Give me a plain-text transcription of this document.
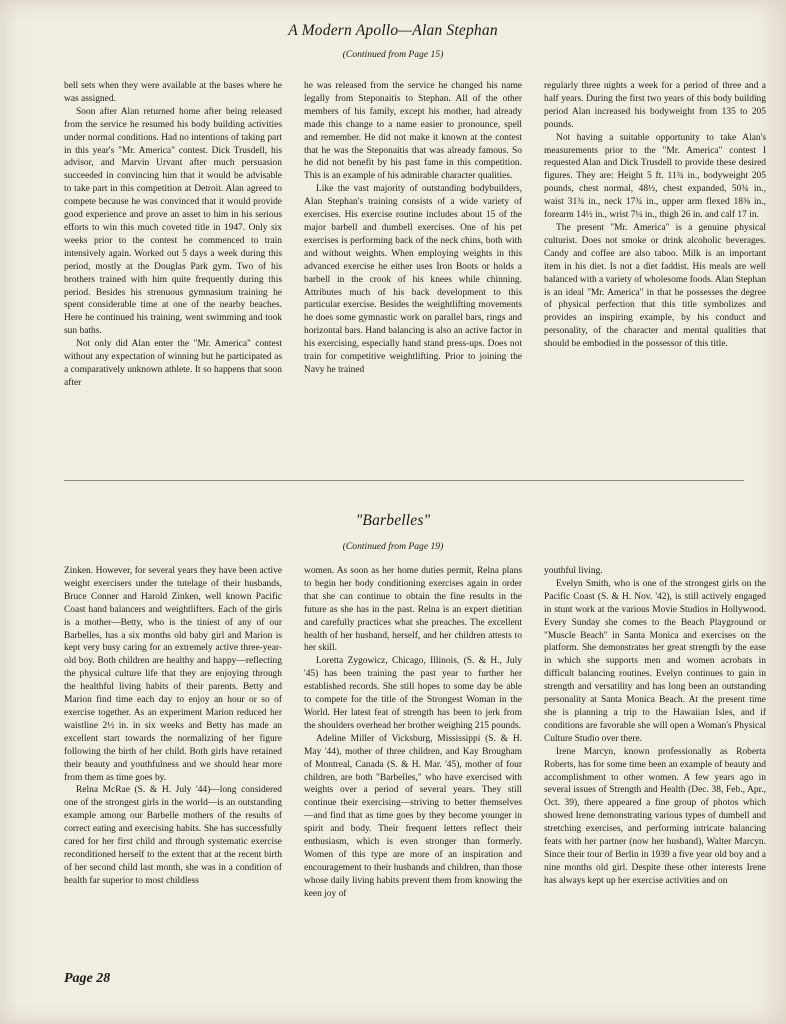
A Modern Apollo—Alan Stephan
(Continued from Page 15)

bell sets when they were available at the bases where he was assigned.

Soon after Alan returned home after being released from the service he resumed his body building activities under normal conditions. Had no intentions of taking part in this year's "Mr. America" contest. Dick Trusdell, his advisor, and Marvin Urvant after much persuasion succeeded in convincing him that it would be advisable to take part in this competition at Detroit. Alan agreed to compete because he was convinced that it would provide good experience and prove an asset to him in his serious efforts to win this much coveted title in 1947. Only six weeks prior to the contest he commenced to train intensively again. Worked out 5 days a week during this period, mostly at the Douglas Park gym. Two of his brothers trained with him quite frequently during this period. Besides his strenuous gymnasium training he spent considerable time at one of the nearby beaches. Here he continued his training, went swimming and took sun baths.

Not only did Alan enter the "Mr. America" contest without any expectation of winning but he participated as a comparatively unknown athlete. It so happens that soon after

he was released from the service he changed his name legally from Steponaitis to Stephan. All of the other members of his family, except his mother, had already made this change to a name easier to pronounce, spell and remember. He did not make it known at the contest that he was the Steponaitis that was already famous. So he did not benefit by his past fame in this competition. This is an example of his admirable character qualities.

Like the vast majority of outstanding bodybuilders, Alan Stephan's training consists of a wide variety of exercises. His exercise routine includes about 15 of the major barbell and dumbell exercises. One of his pet exercises is performing back of the neck chins, both with and without weights. When employing weights in this advanced exercise he either uses Iron Boots or holds a barbell in the crook of his knees while chinning. Attributes much of his back development to this particular exercise. Besides the weightlifting movements he does some gymnastic work on parallel bars, rings and horizontal bars. Hand balancing is also an active factor in his exercising, especially hand stand press-ups. Does not train for competitive weightlifting. Prior to joining the Navy he trained

regularly three nights a week for a period of three and a half years. During the first two years of this body building period Alan increased his bodyweight from 135 to 205 pounds.

Not having a suitable opportunity to take Alan's measurements prior to the "Mr. America" contest I requested Alan and Dick Trusdell to provide these desired figures. They are: Height 5 ft. 11¾ in., bodyweight 205 pounds, chest normal, 48½, chest expanded, 50¾ in., waist 31¾ in., neck 17¾ in., upper arm flexed 18⅜ in., forearm 14½ in., wrist 7¼ in., thigh 26 in. and calf 17 in.

The present "Mr. America" is a genuine physical culturist. Does not smoke or drink alcoholic beverages. Candy and coffee are also taboo. Milk is an important item in his diet. Is not a diet faddist. His meals are well balanced with a variety of wholesome foods. Alan Stephan is an ideal "Mr. America" in that he possesses the degree of physical perfection that this title symbolizes and provides an inspiring example, by his conduct and personality, of the character and mental qualities that should be embodied in the possessor of this title.

"Barbelles"
(Continued from Page 19)

Zinken. However, for several years they have been active weight exercisers under the tutelage of their husbands, Bruce Conner and Harold Zinken, well known Pacific Coast hand balancers and weightlifters. Each of the girls is a mother—Betty, who is the tiniest of any of our Barbelles, has a six months old baby girl and Marion is kept very busy caring for an extremely active three-year-old boy. Both children are healthy and happy—reflecting the physical culture life that they are enjoying through the healthful living habits of their parents. Betty and Marion find time each day to enjoy an hour or so of exercise together. As an experiment Marion reduced her waistline 2½ in. in six weeks and Betty has made an excellent start towards the normalizing of her figure following the birth of her child. Both girls have retained their beauty and youthfulness and we should hear more from them as time goes by.

Relna McRae (S. & H. July '44)—long considered one of the strongest girls in the world—is an outstanding example among our Barbelle mothers of the results of correct eating and exercising habits. She has successfully cared for her first child and through systematic exercise reconditioned herself to the extent that at the recent birth of her second child last month, she was in a condition of health far superior to most childless

women. As soon as her home duties permit, Relna plans to begin her body conditioning exercises again in order that she can continue to obtain the fine results in the future as she has in the past. Relna is an expert dietitian and carefully practices what she preaches. The excellent health of her husband, herself, and her children attests to her skill.

Loretta Zygowicz, Chicago, Illinois, (S. & H., July '45) has been training the past year to further her established records. She still hopes to some day be able to compete for the title of the Strongest Woman in the World. Her latest feat of strength has been to jerk from the shoulders overhead her brother weighing 215 pounds.

Adeline Miller of Vicksburg, Mississippi (S. & H. May '44), mother of three children, and Kay Brougham of Montreal, Canada (S. & H. Mar. '45), mother of four children, are both "Barbelles," who have exercised with weights over a period of several years. They still continue their exercising—striving to better themselves—and find that as time goes by they become younger in spirit and body. Their frequent letters reflect their enthusiasm, which is even stronger than formerly. Women of this type are more of an inspiration and encouragement to their husbands and children, than those whose daily living habits prevent them from knowing the keen joy of

youthful living.

Evelyn Smith, who is one of the strongest girls on the Pacific Coast (S. & H. Nov. '42), is still actively engaged in stunt work at the various Movie Studios in Hollywood. Every Sunday she comes to the Beach Playground or "Muscle Beach" in Santa Monica and exercises on the platform. She demonstrates her great strength by the ease in which she supports men and women acrobats in difficult balancing routines. Evelyn continues to gain in strength and versatility and has long been an outstanding personality at Santa Monica Beach. At the present time she is planning a trip to the Hawaiian Isles, and if conditions are favorable she will open a Woman's Physical Culture Studio over there.

Irene Marcyn, known professionally as Roberta Roberts, has for some time been an example of beauty and accomplishment to other women. A few years ago in several issues of Strength and Health (Dec. 38, Feb., Apr., Oct. 39), there appeared a fine group of photos which showed Irene demonstrating various types of dumbell and stretching exercises, and performing intricate balancing feats with her partner (now her husband), Walter Marcyn. Since their tour of Berlin in 1939 a five year old boy and a nine months old girl. Despite these other interests Irene has always kept up her exercise activities and on

Page 28
